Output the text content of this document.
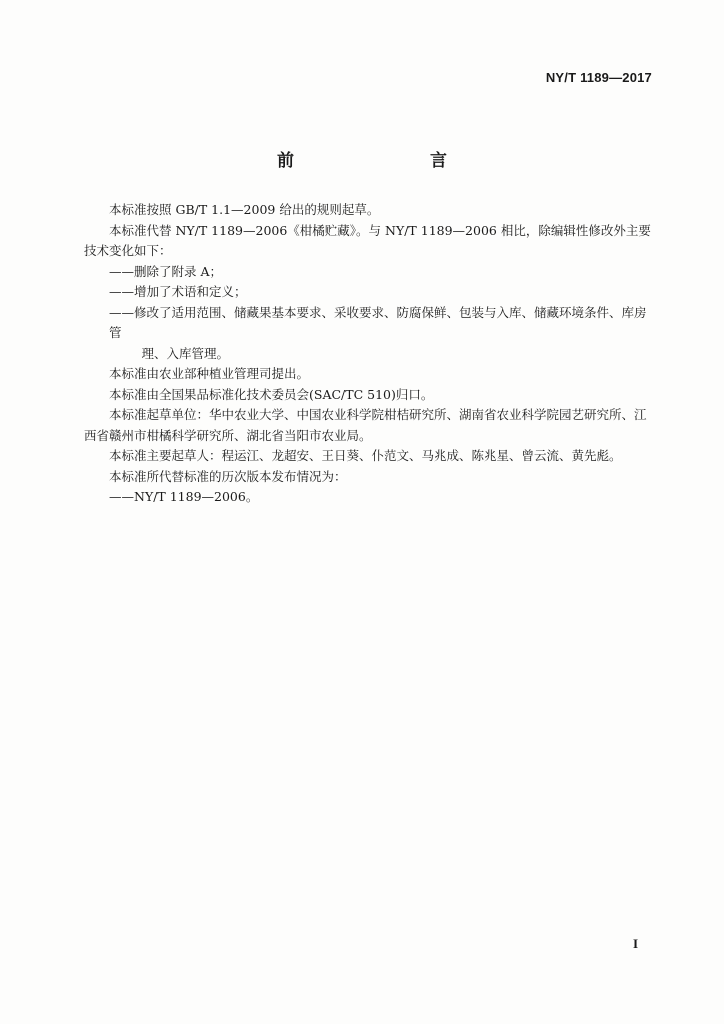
NY/T 1189—2017
前　　言

本标准按照 GB/T 1.1—2009 给出的规则起草。

本标准代替 NY/T 1189—2006《柑橘贮藏》。与 NY/T 1189—2006 相比，除编辑性修改外主要技术变化如下：

——删除了附录 A；

——增加了术语和定义；

——修改了适用范围、储藏果基本要求、采收要求、防腐保鲜、包装与入库、储藏环境条件、库房管
理、入库管理。

本标准由农业部种植业管理司提出。

本标准由全国果品标准化技术委员会(SAC/TC 510)归口。

本标准起草单位：华中农业大学、中国农业科学院柑桔研究所、湖南省农业科学院园艺研究所、江西省赣州市柑橘科学研究所、湖北省当阳市农业局。

本标准主要起草人：程运江、龙超安、王日葵、仆范文、马兆成、陈兆星、曾云流、黄先彪。

本标准所代替标准的历次版本发布情况为：

——NY/T 1189—2006。

I
